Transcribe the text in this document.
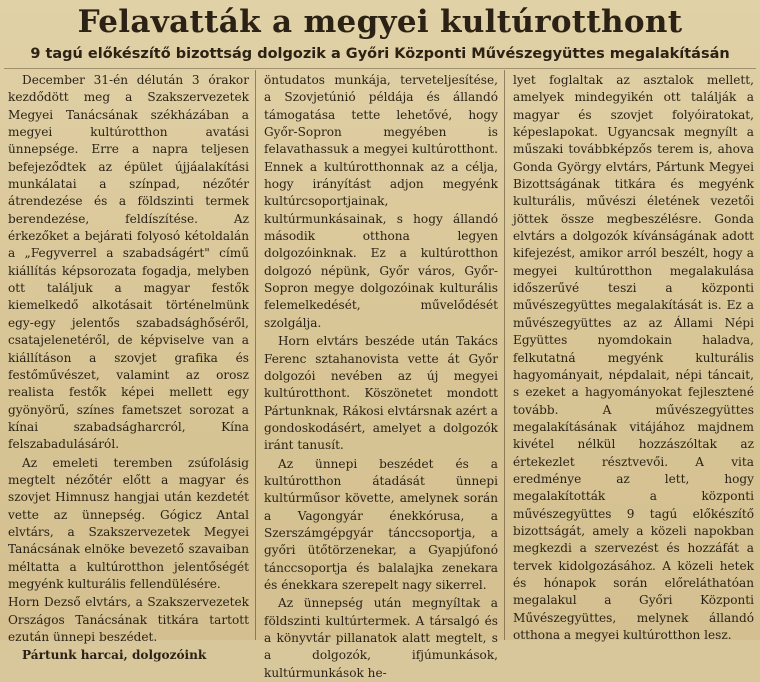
Felavatták a megyei kultúrotthont
9 tagú előkészítő bizottság dolgozik a Győri Központi Művészegyüttes megalakításán

December 31-én délután 3 órakor kezdődött meg a Szakszervezetek Megyei Tanácsának székházában a megyei kultúrotthon avatási ünnepsége. Erre a napra teljesen befejeződtek az épület újjáalakítási munkálatai a színpad, nézőtér átrendezése és a földszinti termek berendezése, feldíszítése. Az érkezőket a bejárati folyosó kétoldalán a „Fegyverrel a szabadságért" című kiállítás képsorozata fogadja, melyben ott találjuk a magyar festők kiemelkedő alkotásait történelmünk egy-egy jelentős szabadsághőséről, csatajelenetéről, de képviselve van a kiállításon a szovjet grafika és festőművészet, valamint az orosz realista festők képei mellett egy gyönyörű, színes fametszet sorozat a kínai szabadságharcról, Kína felszabadulásáról.

Az emeleti teremben zsúfolásig megtelt nézőtér előtt a magyar és szovjet Himnusz hangjai után kezdetét vette az ünnepség. Gógicz Antal elvtárs, a Szakszervezetek Megyei Tanácsának elnöke bevezető szavaiban méltatta a kultúrotthon jelentőségét megyénk kulturális fellendülésére.

Horn Dezső elvtárs, a Szakszervezetek Országos Tanácsának titkára tartott ezután ünnepi beszédet.

Pártunk harcai, dolgozóink

öntudatos munkája, terveteljesítése, a Szovjetúnió példája és állandó támogatása tette lehetővé, hogy Győr-Sopron megyében is felavathassuk a megyei kultúrotthont. Ennek a kultúrotthonnak az a célja, hogy irányítást adjon megyénk kultúrcsoportjainak, kultúrmunkásainak, s hogy állandó második otthona legyen dolgozóinknak. Ez a kultúrotthon dolgozó népünk, Győr város, Győr-Sopron megye dolgozóinak kulturális felemelkedését, művelődését szolgálja.

Horn elvtárs beszéde után Takács Ferenc sztahanovista vette át Győr dolgozói nevében az új megyei kultúrotthont. Köszönetet mondott Pártunknak, Rákosi elvtársnak azért a gondoskodásért, amelyet a dolgozók iránt tanusít.

Az ünnepi beszédet és a kultúrotthon átadását ünnepi kultúrműsor követte, amelynek során a Vagongyár énekkórusa, a Szerszámgépgyár tánccsoportja, a győri ütőtörzenekar, a Gyapjúfonó tánccsoportja és balalajka zenekara és énekkara szerepelt nagy sikerrel.

Az ünnepség után megnyíltak a földszinti kultúrtermek. A társalgó és a könyvtár pillanatok alatt megtelt, s a dolgozók, ifjúmunkások, kultúrmunkások he-

lyet foglaltak az asztalok mellett, amelyek mindegyikén ott találják a magyar és szovjet folyóiratokat, képeslapokat. Ugyancsak megnyílt a műszaki továbbképzős terem is, ahova Gonda György elvtárs, Pártunk Megyei Bizottságának titkára és megyénk kulturális, művészi életének vezetői jöttek össze megbeszélésre. Gonda elvtárs a dolgozók kívánságának adott kifejezést, amikor arról beszélt, hogy a megyei kultúrotthon megalakulása időszerűvé teszi a központi művészegyüttes megalakítását is. Ez a művészegyüttes az az Állami Népi Együttes nyomdokain haladva, felkutatná megyénk kulturális hagyományait, népdalait, népi táncait, s ezeket a hagyományokat fejlesztené tovább. A művészegyüttes megalakításának vitájához majdnem kivétel nélkül hozzászóltak az értekezlet résztvevői. A vita eredménye az lett, hogy megalakították a központi művészegyüttes 9 tagú előkészítő bizottságát, amely a közeli napokban megkezdi a szervezést és hozzáfát a tervek kidolgozásához. A közeli hetek és hónapok során előreláthatóan megalakul a Győri Központi Művészegyüttes, melynek állandó otthona a megyei kultúrotthon lesz.
